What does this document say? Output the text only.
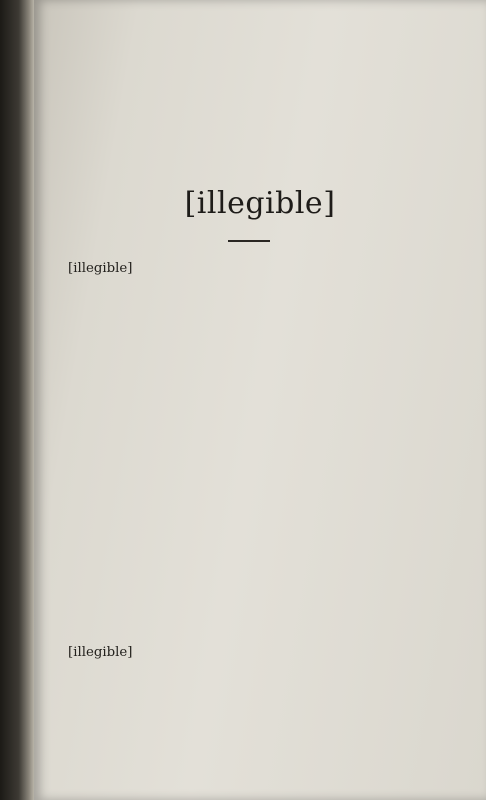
[illegible]

[illegible]

[illegible]
